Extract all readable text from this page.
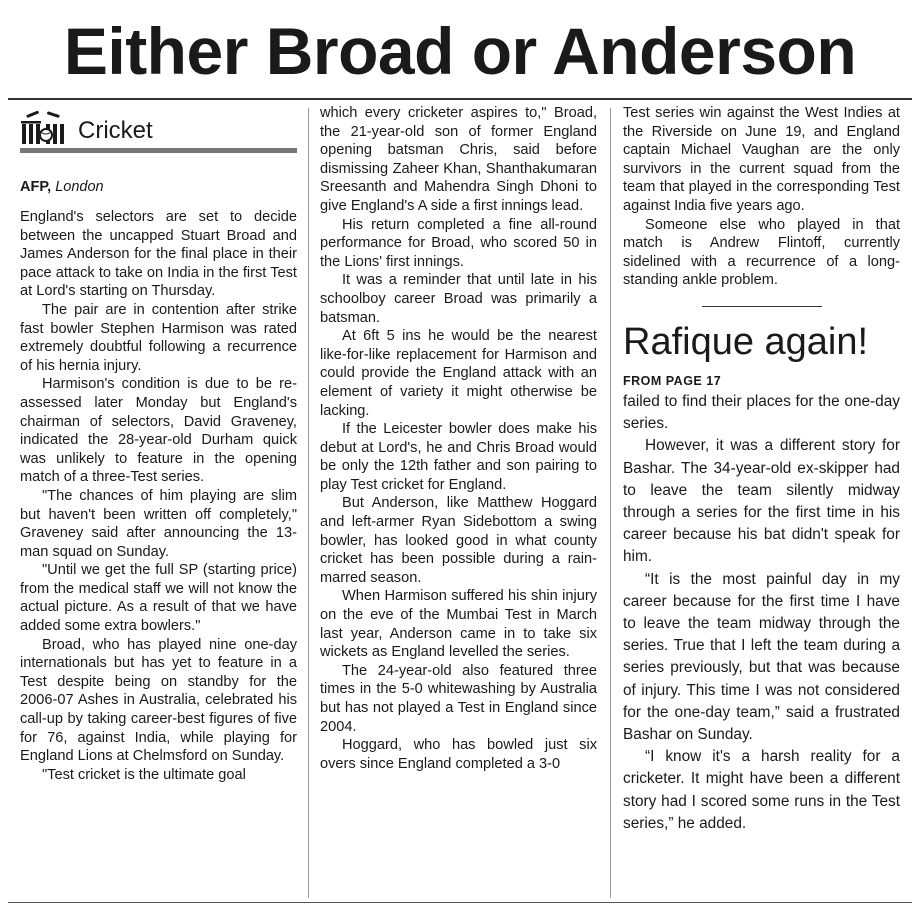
Either Broad or Anderson
Cricket
AFP, London

England's selectors are set to decide between the uncapped Stuart Broad and James Anderson for the final place in their pace attack to take on India in the first Test at Lord's starting on Thursday.

The pair are in contention after strike fast bowler Stephen Harmison was rated extremely doubtful following a recurrence of his hernia injury.

Harmison's condition is due to be re-assessed later Monday but England's chairman of selectors, David Graveney, indicated the 28-year-old Durham quick was unlikely to feature in the opening match of a three-Test series.

"The chances of him playing are slim but haven't been written off completely," Graveney said after announcing the 13-man squad on Sunday.

"Until we get the full SP (starting price) from the medical staff we will not know the actual picture. As a result of that we have added some extra bowlers."

Broad, who has played nine one-day internationals but has yet to feature in a Test despite being on standby for the 2006-07 Ashes in Australia, celebrated his call-up by taking career-best figures of five for 76, against India, while playing for England Lions at Chelmsford on Sunday.

"Test cricket is the ultimate goal

which every cricketer aspires to," Broad, the 21-year-old son of former England opening batsman Chris, said before dismissing Zaheer Khan, Shanthakumaran Sreesanth and Mahendra Singh Dhoni to give England's A side a first innings lead.

His return completed a fine all-round performance for Broad, who scored 50 in the Lions' first innings.

It was a reminder that until late in his schoolboy career Broad was primarily a batsman.

At 6ft 5 ins he would be the nearest like-for-like replacement for Harmison and could provide the England attack with an element of variety it might otherwise be lacking.

If the Leicester bowler does make his debut at Lord's, he and Chris Broad would be only the 12th father and son pairing to play Test cricket for England.

But Anderson, like Matthew Hoggard and left-armer Ryan Sidebottom a swing bowler, has looked good in what county cricket has been possible during a rain-marred season.

When Harmison suffered his shin injury on the eve of the Mumbai Test in March last year, Anderson came in to take six wickets as England levelled the series.

The 24-year-old also featured three times in the 5-0 whitewashing by Australia but has not played a Test in England since 2004.

Hoggard, who has bowled just six overs since England completed a 3-0

Test series win against the West Indies at the Riverside on June 19, and England captain Michael Vaughan are the only survivors in the current squad from the team that played in the corresponding Test against India five years ago.

Someone else who played in that match is Andrew Flintoff, currently sidelined with a recurrence of a long-standing ankle problem.

Rafique again!
FROM PAGE 17

failed to find their places for the one-day series.

However, it was a different story for Bashar. The 34-year-old ex-skipper had to leave the team silently midway through a series for the first time in his career because his bat didn't speak for him.

“It is the most painful day in my career because for the first time I have to leave the team midway through the series. True that I left the team during a series previously, but that was because of injury. This time I was not considered for the one-day team,” said a frustrated Bashar on Sunday.

“I know it's a harsh reality for a cricketer. It might have been a different story had I scored some runs in the Test series,” he added.
